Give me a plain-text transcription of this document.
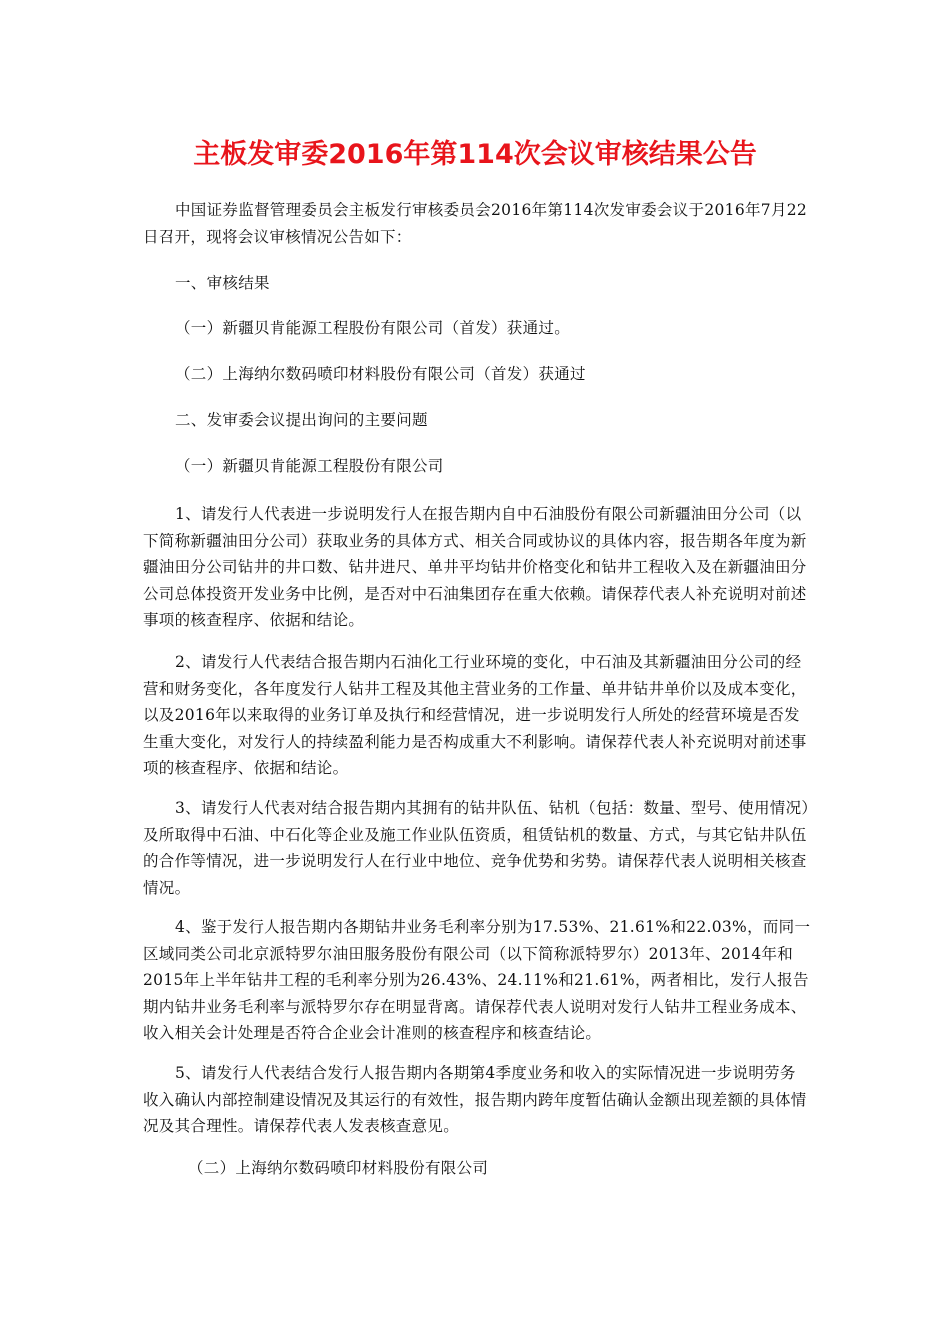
主板发审委2016年第114次会议审核结果公告

中国证券监督管理委员会主板发行审核委员会2016年第114次发审委会议于2016年7月22日召开，现将会议审核情况公告如下：

一、审核结果

（一）新疆贝肯能源工程股份有限公司（首发）获通过。

（二）上海纳尔数码喷印材料股份有限公司（首发）获通过

二、发审委会议提出询问的主要问题

（一）新疆贝肯能源工程股份有限公司

1、请发行人代表进一步说明发行人在报告期内自中石油股份有限公司新疆油田分公司（以下简称新疆油田分公司）获取业务的具体方式、相关合同或协议的具体内容，报告期各年度为新疆油田分公司钻井的井口数、钻井进尺、单井平均钻井价格变化和钻井工程收入及在新疆油田分公司总体投资开发业务中比例，是否对中石油集团存在重大依赖。请保荐代表人补充说明对前述事项的核查程序、依据和结论。

2、请发行人代表结合报告期内石油化工行业环境的变化，中石油及其新疆油田分公司的经营和财务变化，各年度发行人钻井工程及其他主营业务的工作量、单井钻井单价以及成本变化，以及2016年以来取得的业务订单及执行和经营情况，进一步说明发行人所处的经营环境是否发生重大变化，对发行人的持续盈利能力是否构成重大不利影响。请保荐代表人补充说明对前述事项的核查程序、依据和结论。

3、请发行人代表对结合报告期内其拥有的钻井队伍、钻机（包括：数量、型号、使用情况）及所取得中石油、中石化等企业及施工作业队伍资质，租赁钻机的数量、方式，与其它钻井队伍的合作等情况，进一步说明发行人在行业中地位、竞争优势和劣势。请保荐代表人说明相关核查情况。

4、鉴于发行人报告期内各期钻井业务毛利率分别为17.53%、21.61%和22.03%，而同一区域同类公司北京派特罗尔油田服务股份有限公司（以下简称派特罗尔）2013年、2014年和2015年上半年钻井工程的毛利率分别为26.43%、24.11%和21.61%，两者相比，发行人报告期内钻井业务毛利率与派特罗尔存在明显背离。请保荐代表人说明对发行人钻井工程业务成本、收入相关会计处理是否符合企业会计准则的核查程序和核查结论。

5、请发行人代表结合发行人报告期内各期第4季度业务和收入的实际情况进一步说明劳务收入确认内部控制建设情况及其运行的有效性，报告期内跨年度暂估确认金额出现差额的具体情况及其合理性。请保荐代表人发表核查意见。

（二）上海纳尔数码喷印材料股份有限公司
